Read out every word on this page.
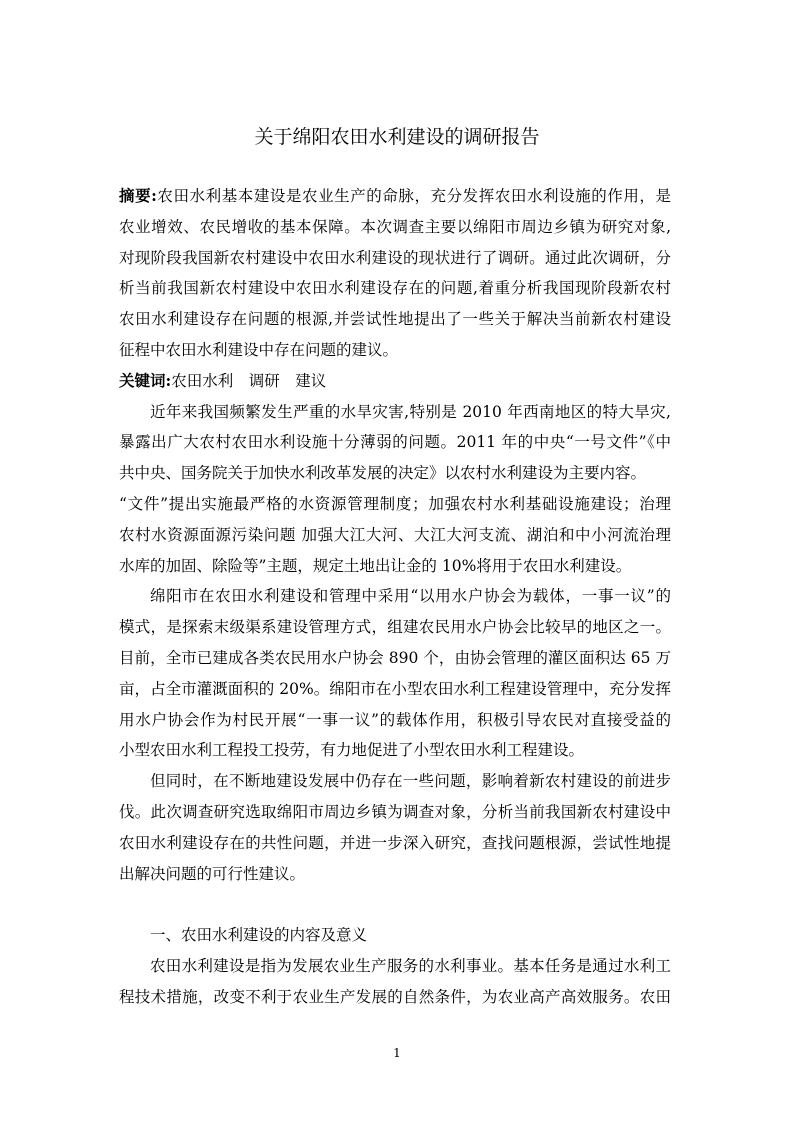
关于绵阳农田水利建设的调研报告
摘要:农田水利基本建设是农业生产的命脉，充分发挥农田水利设施的作用，是
农业增效、农民增收的基本保障。本次调查主要以绵阳市周边乡镇为研究对象,
对现阶段我国新农村建设中农田水利建设的现状进行了调研。通过此次调研，分
析当前我国新农村建设中农田水利建设存在的问题,着重分析我国现阶段新农村
农田水利建设存在问题的根源,并尝试性地提出了一些关于解决当前新农村建设
征程中农田水利建设中存在问题的建议。
关键词:农田水利　调研　建议
近年来我国频繁发生严重的水旱灾害,特别是 2010 年西南地区的特大旱灾,
暴露出广大农村农田水利设施十分薄弱的问题。2011 年的中央“一号文件”《中
共中央、国务院关于加快水利改革发展的决定》以农村水利建设为主要内容。
“文件”提出实施最严格的水资源管理制度；加强农村水利基础设施建设；治理
农村水资源面源污染问题 加强大江大河、大江大河支流、湖泊和中小河流治理
水库的加固、除险等”主题，规定土地出让金的 10%将用于农田水利建设。
绵阳市在农田水利建设和管理中采用“以用水户协会为载体，一事一议”的
模式，是探索末级渠系建设管理方式，组建农民用水户协会比较早的地区之一。
目前，全市已建成各类农民用水户协会 890 个，由协会管理的灌区面积达 65 万
亩，占全市灌溉面积的 20%。绵阳市在小型农田水利工程建设管理中，充分发挥
用水户协会作为村民开展“一事一议”的载体作用，积极引导农民对直接受益的
小型农田水利工程投工投劳，有力地促进了小型农田水利工程建设。
但同时，在不断地建设发展中仍存在一些问题，影响着新农村建设的前进步
伐。此次调查研究选取绵阳市周边乡镇为调查对象，分析当前我国新农村建设中
农田水利建设存在的共性问题，并进一步深入研究，查找问题根源，尝试性地提
出解决问题的可行性建议。
一、农田水利建设的内容及意义
农田水利建设是指为发展农业生产服务的水利事业。基本任务是通过水利工
程技术措施，改变不利于农业生产发展的自然条件，为农业高产高效服务。农田
1
